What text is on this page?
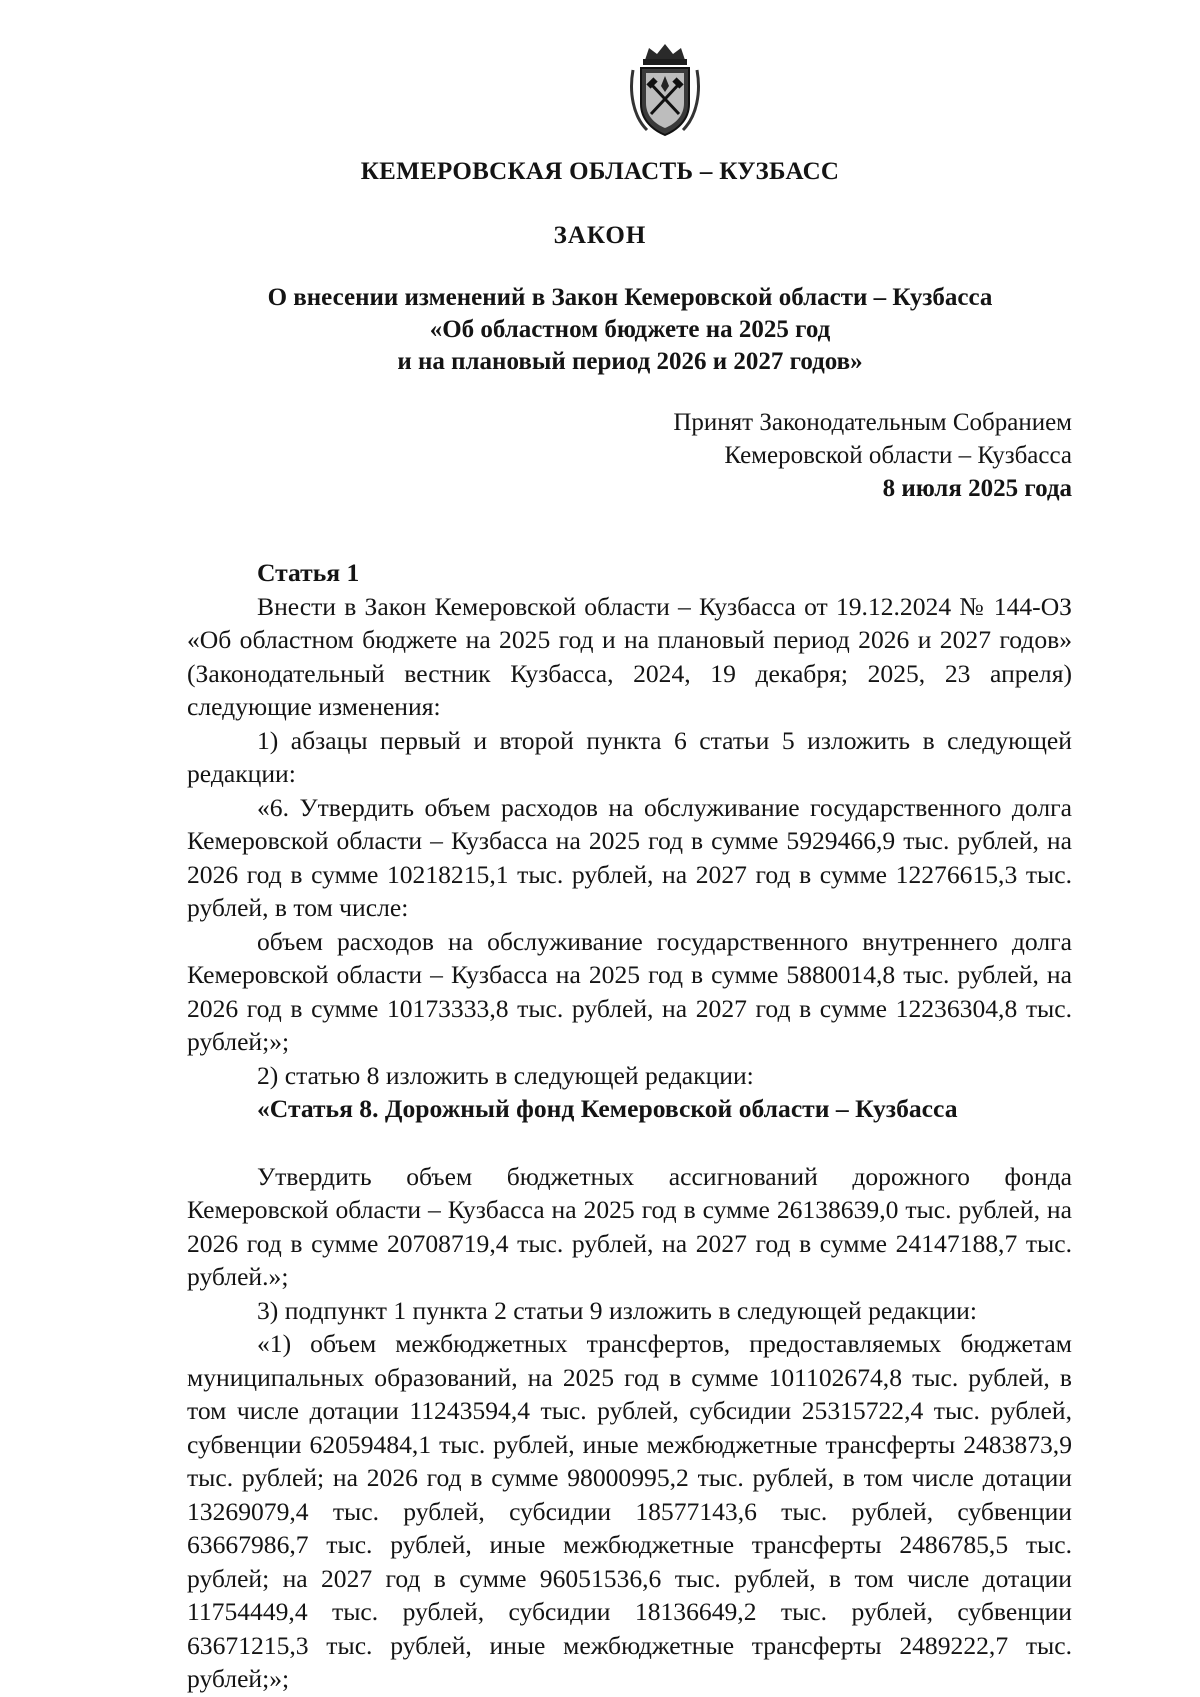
КЕМЕРОВСКАЯ ОБЛАСТЬ – КУЗБАСС
ЗАКОН
О внесении изменений в Закон Кемеровской области – Кузбасса
«Об областном бюджете на 2025 год
и на плановый период 2026 и 2027 годов»
Принят Законодательным Собранием
Кемеровской области – Кузбасса
8 июля 2025 года

Статья 1

Внести в Закон Кемеровской области – Кузбасса от 19.12.2024 № 144-ОЗ «Об областном бюджете на 2025 год и на плановый период 2026 и 2027 годов» (Законодательный вестник Кузбасса, 2024, 19 декабря; 2025, 23 апреля) следующие изменения:

1) абзацы первый и второй пункта 6 статьи 5 изложить в следующей редакции:

«6. Утвердить объем расходов на обслуживание государственного долга Кемеровской области – Кузбасса на 2025 год в сумме 5929466,9 тыс. рублей, на 2026 год в сумме 10218215,1 тыс. рублей, на 2027 год в сумме 12276615,3 тыс. рублей, в том числе:

объем расходов на обслуживание государственного внутреннего долга Кемеровской области – Кузбасса на 2025 год в сумме 5880014,8 тыс. рублей, на 2026 год в сумме 10173333,8 тыс. рублей, на 2027 год в сумме 12236304,8 тыс. рублей;»;

2) статью 8 изложить в следующей редакции:

«Статья 8. Дорожный фонд Кемеровской области – Кузбасса

Утвердить объем бюджетных ассигнований дорожного фонда Кемеровской области – Кузбасса на 2025 год в сумме 26138639,0 тыс. рублей, на 2026 год в сумме 20708719,4 тыс. рублей, на 2027 год в сумме 24147188,7 тыс. рублей.»;

3) подпункт 1 пункта 2 статьи 9 изложить в следующей редакции:

«1) объем межбюджетных трансфертов, предоставляемых бюджетам муниципальных образований, на 2025 год в сумме 101102674,8 тыс. рублей, в том числе дотации 11243594,4 тыс. рублей, субсидии 25315722,4 тыс. рублей, субвенции 62059484,1 тыс. рублей, иные межбюджетные трансферты 2483873,9 тыс. рублей; на 2026 год в сумме 98000995,2 тыс. рублей, в том числе дотации 13269079,4 тыс. рублей, субсидии 18577143,6 тыс. рублей, субвенции 63667986,7 тыс. рублей, иные межбюджетные трансферты 2486785,5 тыс. рублей; на 2027 год в сумме 96051536,6 тыс. рублей, в том числе дотации 11754449,4 тыс. рублей, субсидии 18136649,2 тыс. рублей, субвенции 63671215,3 тыс. рублей, иные межбюджетные трансферты 2489222,7 тыс. рублей;»;
